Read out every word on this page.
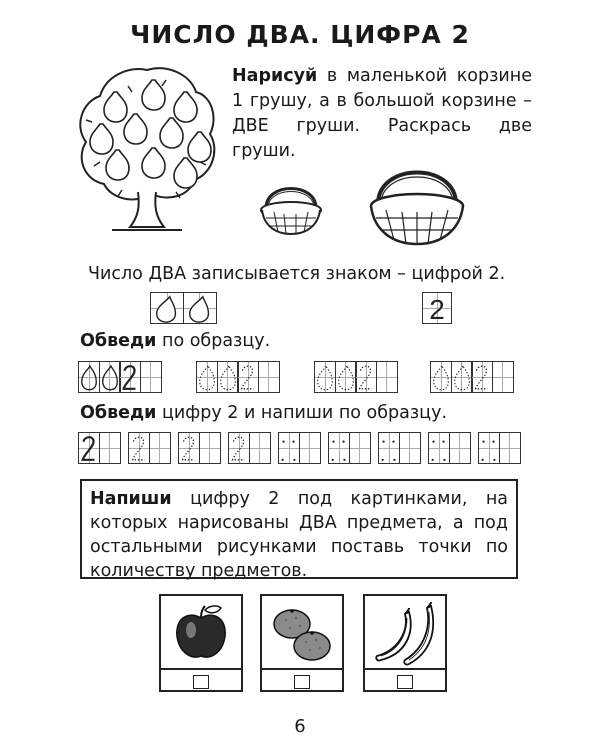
ЧИСЛО ДВА. ЦИФРА 2
Нарисуй в маленькой корзине 1 грушу, а в большой корзине – ДВЕ груши. Раскрась две груши.
Число ДВА записывается знаком – цифрой 2.
2
Обведи по образцу.
Обведи цифру 2 и напиши по образцу.
Напиши цифру 2 под картинками, на которых нарисованы ДВА предмета, а под остальными рисунками поставь точки по количеству предметов.
6
